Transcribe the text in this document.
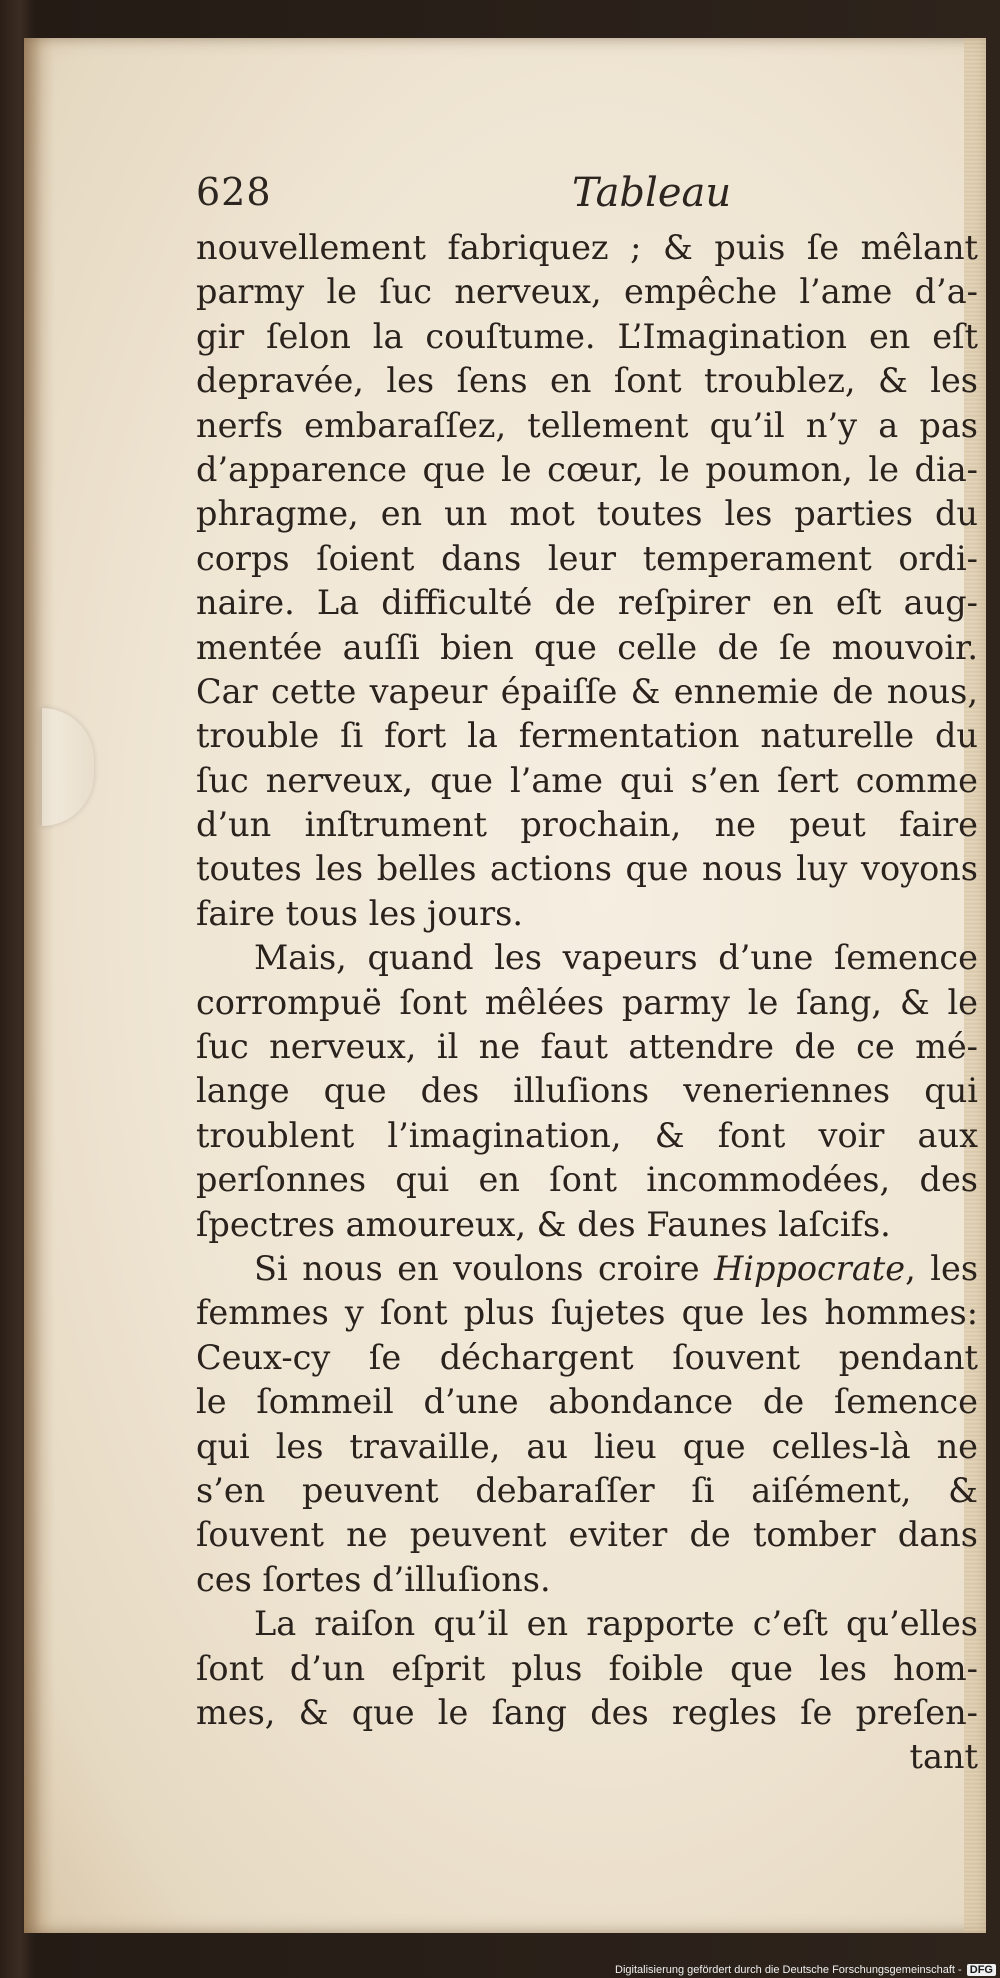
628	Tableau
nouvellement fabriquez ; & puis ſe mêlant
parmy le ſuc nerveux, empêche l’ame d’a-
gir ſelon la couſtume. L’Imagination en eſt
depravée, les ſens en ſont troublez, & les
nerfs embaraſſez, tellement qu’il n’y a pas
d’apparence que le cœur, le poumon, le dia-
phragme, en un mot toutes les parties du
corps ſoient dans leur temperament ordi-
naire. La difficulté de reſpirer en eſt aug-
mentée auſſi bien que celle de ſe mouvoir.
Car cette vapeur épaiſſe & ennemie de nous,
trouble ſi fort la fermentation naturelle du
ſuc nerveux, que l’ame qui s’en ſert comme
d’un inſtrument prochain, ne peut faire
toutes les belles actions que nous luy voyons
faire tous les jours.
Mais, quand les vapeurs d’une ſemence
corrompuë ſont mêlées parmy le ſang, & le
ſuc nerveux, il ne faut attendre de ce mé-
lange que des illuſions veneriennes qui
troublent l’imagination, & font voir aux
perſonnes qui en ſont incommodées, des
ſpectres amoureux, & des Faunes laſcifs.
Si nous en voulons croire Hippocrate, les
femmes y ſont plus ſujetes que les hommes:
Ceux-cy ſe déchargent ſouvent pendant
le ſommeil d’une abondance de ſemence
qui les travaille, au lieu que celles-là ne
s’en peuvent debaraſſer ſi aiſément, &
ſouvent ne peuvent eviter de tomber dans
ces ſortes d’illuſions.
La raiſon qu’il en rapporte c’eſt qu’elles
ſont d’un eſprit plus foible que les hom-
mes, & que le ſang des regles ſe preſen-
tant
Digitalisierung gefördert durch die Deutsche Forschungsgemeinschaft - DFG
